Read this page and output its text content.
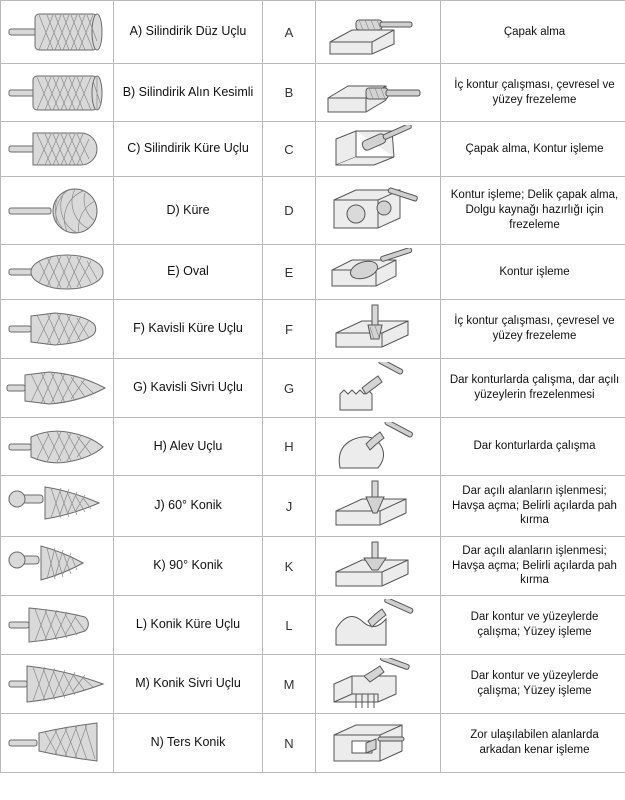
A) Silindirik Düz Uçlu	A		Çapak alma

B) Silindirik Alın Kesimli	B		İç kontur çalışması, çevresel ve yüzey frezeleme

C) Silindirik Küre Uçlu	C		Çapak alma, Kontur işleme

D) Küre	D		Kontur işleme; Delik çapak alma, Dolgu kaynağı hazırlığı için frezeleme

E) Oval	E		Kontur işleme

F) Kavisli Küre Uçlu	F		İç kontur çalışması, çevresel ve yüzey frezeleme

G) Kavisli Sivri Uçlu	G		Dar konturlarda çalışma, dar açılı yüzeylerin frezelenmesi

H) Alev Uçlu	H		Dar konturlarda çalışma

J) 60° Konik	J		Dar açılı alanların işlenmesi; Havşa açma; Belirli açılarda pah kırma

K) 90° Konik	K		Dar açılı alanların işlenmesi; Havşa açma; Belirli açılarda pah kırma

L) Konik Küre Uçlu	L		Dar kontur ve yüzeylerde çalışma; Yüzey işleme

M) Konik Sivri Uçlu	M		Dar kontur ve yüzeylerde çalışma; Yüzey işleme

N) Ters Konik	N		Zor ulaşılabilen alanlarda arkadan kenar işleme
